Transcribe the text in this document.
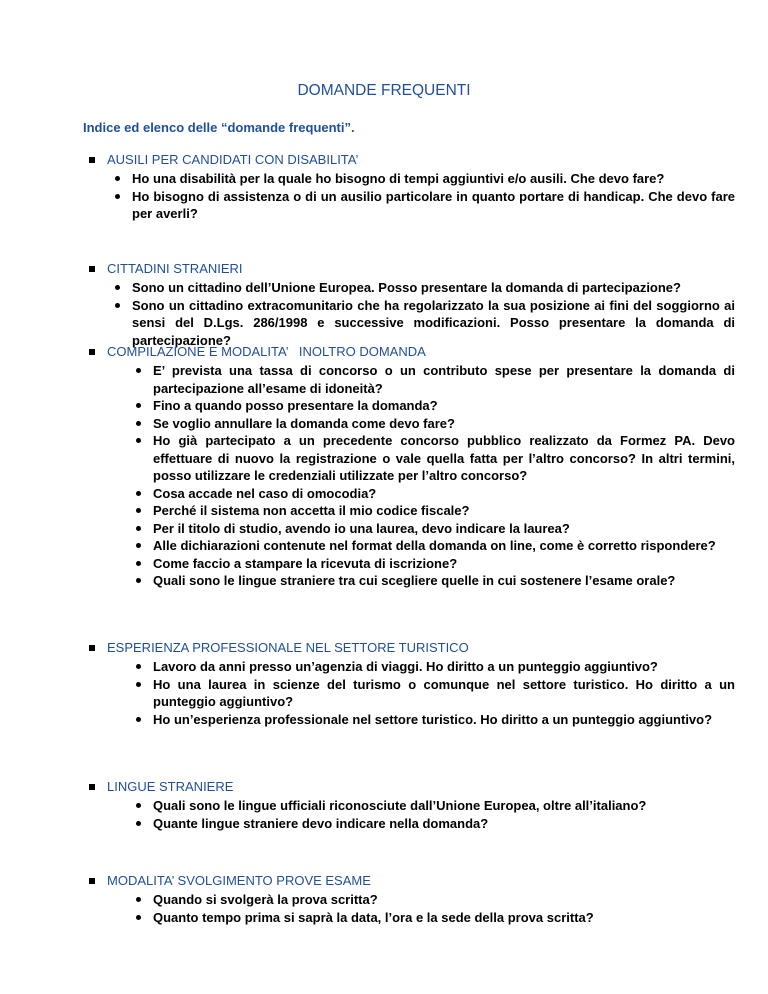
DOMANDE FREQUENTI
Indice ed elenco delle “domande frequenti”.
AUSILI PER CANDIDATI CON DISABILITA’
Ho una disabilità per la quale ho bisogno di tempi aggiuntivi e/o ausili. Che devo fare?
Ho bisogno di assistenza o di un ausilio particolare in quanto portare di handicap. Che devo fare per averli?
CITTADINI STRANIERI
Sono un cittadino dell’Unione Europea. Posso presentare la domanda di partecipazione?
Sono un cittadino extracomunitario che ha regolarizzato la sua posizione ai fini del soggiorno ai sensi del D.Lgs. 286/1998 e successive modificazioni. Posso presentare la domanda di partecipazione?
COMPILAZIONE E MODALITA’   INOLTRO DOMANDA
E’ prevista una tassa di concorso o un contributo spese per presentare la domanda di partecipazione all’esame di idoneità?
Fino a quando posso presentare la domanda?
Se voglio annullare la domanda come devo fare?
Ho già partecipato a un precedente concorso pubblico realizzato da Formez PA. Devo effettuare di nuovo la registrazione o vale quella fatta per l’altro concorso? In altri termini, posso utilizzare le credenziali utilizzate per l’altro concorso?
Cosa accade nel caso di omocodia?
Perché il sistema non accetta il mio codice fiscale?
Per il titolo di studio, avendo io una laurea, devo indicare la laurea?
Alle dichiarazioni contenute nel format della domanda on line, come è corretto rispondere?
Come faccio a stampare la ricevuta di iscrizione?
Quali sono le lingue straniere tra cui scegliere quelle in cui sostenere l’esame orale?
ESPERIENZA PROFESSIONALE NEL SETTORE TURISTICO
Lavoro da anni presso un’agenzia di viaggi. Ho diritto a un punteggio aggiuntivo?
Ho una laurea in scienze del turismo o comunque nel settore turistico. Ho diritto a un punteggio aggiuntivo?
Ho un’esperienza professionale nel settore turistico. Ho diritto a un punteggio aggiuntivo?
LINGUE STRANIERE
Quali sono le lingue ufficiali riconosciute dall’Unione Europea, oltre all’italiano?
Quante lingue straniere devo indicare nella domanda?
MODALITA’ SVOLGIMENTO PROVE ESAME
Quando si svolgerà la prova scritta?
Quanto tempo prima si saprà la data, l’ora e la sede della prova scritta?
